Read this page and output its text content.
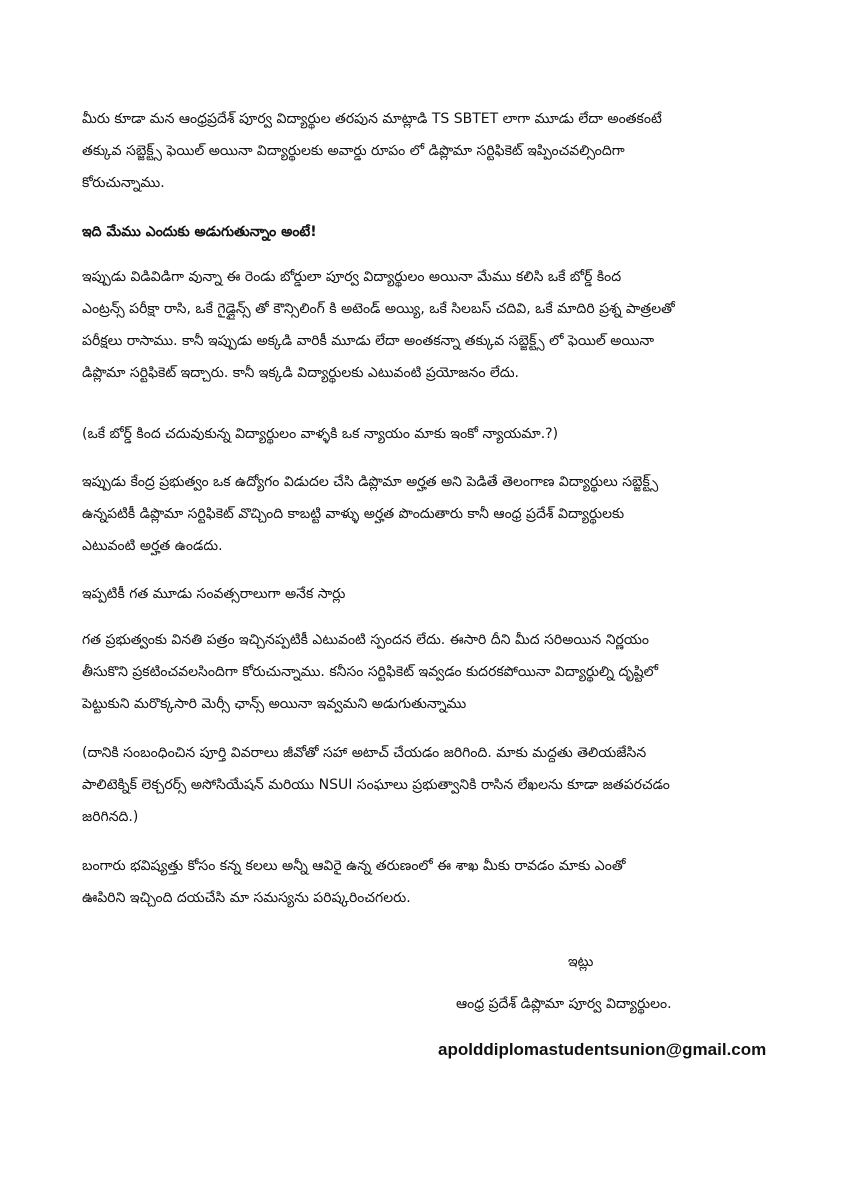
మీరు కూడా మన ఆంధ్రప్రదేశ్ పూర్వ విద్యార్థుల తరపున మాట్లాడి TS SBTET లాగా మూడు లేదా అంతకంటే
తక్కువ సబ్జెక్ట్స్ ఫెయిల్ అయినా విద్యార్థులకు అవార్డు రూపం లో డిప్లొమా సర్టిఫికెట్ ఇప్పించవల్సిందిగా
కోరుచున్నాము.

ఇది మేము ఎందుకు అడుగుతున్నాం అంటే!

ఇప్పుడు విడివిడిగా వున్నా ఈ రెండు బోర్డులా పూర్వ విద్యార్థులం అయినా మేము కలిసి ఒకే బోర్డ్ కింద
ఎంట్రన్స్ పరీక్షా రాసి, ఒకే గైడ్లైన్స్ తో కౌన్సిలింగ్ కి అటెండ్ అయ్యి, ఒకే సిలబస్ చదివి, ఒకే మాదిరి ప్రశ్న పాత్రలతో
పరీక్షలు రాసాము. కానీ ఇప్పుడు అక్కడి వారికీ మూడు లేదా అంతకన్నా తక్కువ సబ్జెక్ట్స్ లో ఫెయిల్ అయినా
డిప్లొమా సర్టిఫికెట్ ఇద్చారు. కానీ ఇక్కడి విద్యార్థులకు ఎటువంటి ప్రయోజనం లేదు.

(ఒకే బోర్డ్ కింద చదువుకున్న విద్యార్థులం వాళ్ళకి ఒక న్యాయం మాకు ఇంకో న్యాయమా.?)

ఇప్పుడు కేంద్ర ప్రభుత్వం ఒక ఉద్యోగం విడుదల చేసి డిప్లొమా అర్హత అని పెడితే తెలంగాణ విద్యార్థులు సబ్జెక్ట్స్
ఉన్నపటికీ డిప్లొమా సర్టిఫికెట్ వొచ్చింది కాబట్టి వాళ్ళు అర్హత పొందుతారు కానీ ఆంధ్ర ప్రదేశ్ విద్యార్థులకు
ఎటువంటి అర్హత ఉండదు.

ఇప్పటికీ గత మూడు సంవత్సరాలుగా అనేక సార్లు

గత ప్రభుత్వంకు వినతి పత్రం ఇచ్చినప్పటికీ ఎటువంటి స్పందన లేదు. ఈసారి దీని మీద సరిఅయిన నిర్ణయం
తీసుకొని ప్రకటించవలసిందిగా కోరుచున్నాము. కనీసం సర్టిఫికెట్ ఇవ్వడం కుదరకపోయినా విద్యార్థుల్ని దృష్టిలో
పెట్టుకుని మరొక్కసారి మెర్సీ ఛాన్స్ అయినా ఇవ్వమని అడుగుతున్నాము

(దానికి సంబంధించిన పూర్తి వివరాలు జీవోతో సహా అటాచ్ చేయడం జరిగింది. మాకు మద్దతు తెలియజేసిన
పాలిటెక్నిక్ లెక్చరర్స్ అసోసియేషన్ మరియు NSUI సంఘాలు ప్రభుత్వానికి రాసిన లేఖలను కూడా జతపరచడం
జరిగినది.)

బంగారు భవిష్యత్తు కోసం కన్న కలలు అన్నీ ఆవిరై ఉన్న తరుణంలో ఈ శాఖ మీకు రావడం మాకు ఎంతో
ఊపిరిని ఇచ్చింది దయచేసి మా సమస్యను పరిష్కరించగలరు.

ఇట్లు

ఆంధ్ర ప్రదేశ్ డిప్లొమా పూర్వ విద్యార్థులం.

apolddiplomastudentsunion@gmail.com
